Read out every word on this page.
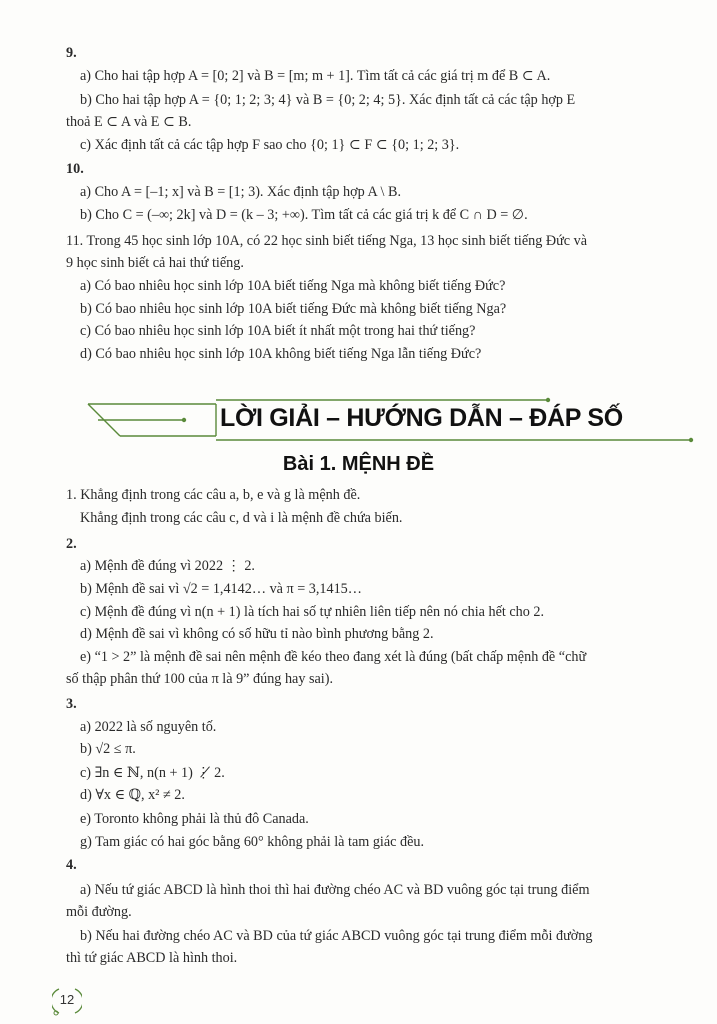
9.
a) Cho hai tập hợp A = [0; 2] và B = [m; m + 1]. Tìm tất cả các giá trị m để B ⊂ A.
b) Cho hai tập hợp A = {0; 1; 2; 3; 4} và B = {0; 2; 4; 5}. Xác định tất cả các tập hợp E
thoả E ⊂ A và E ⊂ B.
c) Xác định tất cả các tập hợp F sao cho {0; 1} ⊂ F ⊂ {0; 1; 2; 3}.
10.
a) Cho A = [–1; x] và B = [1; 3). Xác định tập hợp A \ B.
b) Cho C = (–∞; 2k] và D = (k – 3; +∞). Tìm tất cả các giá trị k để C ∩ D = ∅.
11. Trong 45 học sinh lớp 10A, có 22 học sinh biết tiếng Nga, 13 học sinh biết tiếng Đức và
9 học sinh biết cả hai thứ tiếng.
a) Có bao nhiêu học sinh lớp 10A biết tiếng Nga mà không biết tiếng Đức?
b) Có bao nhiêu học sinh lớp 10A biết tiếng Đức mà không biết tiếng Nga?
c) Có bao nhiêu học sinh lớp 10A biết ít nhất một trong hai thứ tiếng?
d) Có bao nhiêu học sinh lớp 10A không biết tiếng Nga lẫn tiếng Đức?
LỜI GIẢI – HƯỚNG DẪN – ĐÁP SỐ
Bài 1. MỆNH ĐỀ
1. Khẳng định trong các câu a, b, e và g là mệnh đề.
Khẳng định trong các câu c, d và i là mệnh đề chứa biến.
2.
a) Mệnh đề đúng vì 2022 ⋮ 2.
b) Mệnh đề sai vì √2 = 1,4142… và π = 3,1415…
c) Mệnh đề đúng vì n(n + 1) là tích hai số tự nhiên liên tiếp nên nó chia hết cho 2.
d) Mệnh đề sai vì không có số hữu tỉ nào bình phương bằng 2.
e) “1 > 2” là mệnh đề sai nên mệnh đề kéo theo đang xét là đúng (bất chấp mệnh đề “chữ
số thập phân thứ 100 của π là 9” đúng hay sai).
3.
a) 2022 là số nguyên tố.
b) √2 ≤ π.
c) ∃n ∈ ℕ, n(n + 1) ⋮̸ 2.
d) ∀x ∈ ℚ, x² ≠ 2.
e) Toronto không phải là thủ đô Canada.
g) Tam giác có hai góc bằng 60° không phải là tam giác đều.
4.
a) Nếu tứ giác ABCD là hình thoi thì hai đường chéo AC và BD vuông góc tại trung điểm
mỗi đường.
b) Nếu hai đường chéo AC và BD của tứ giác ABCD vuông góc tại trung điểm mỗi đường
thì tứ giác ABCD là hình thoi.
12
